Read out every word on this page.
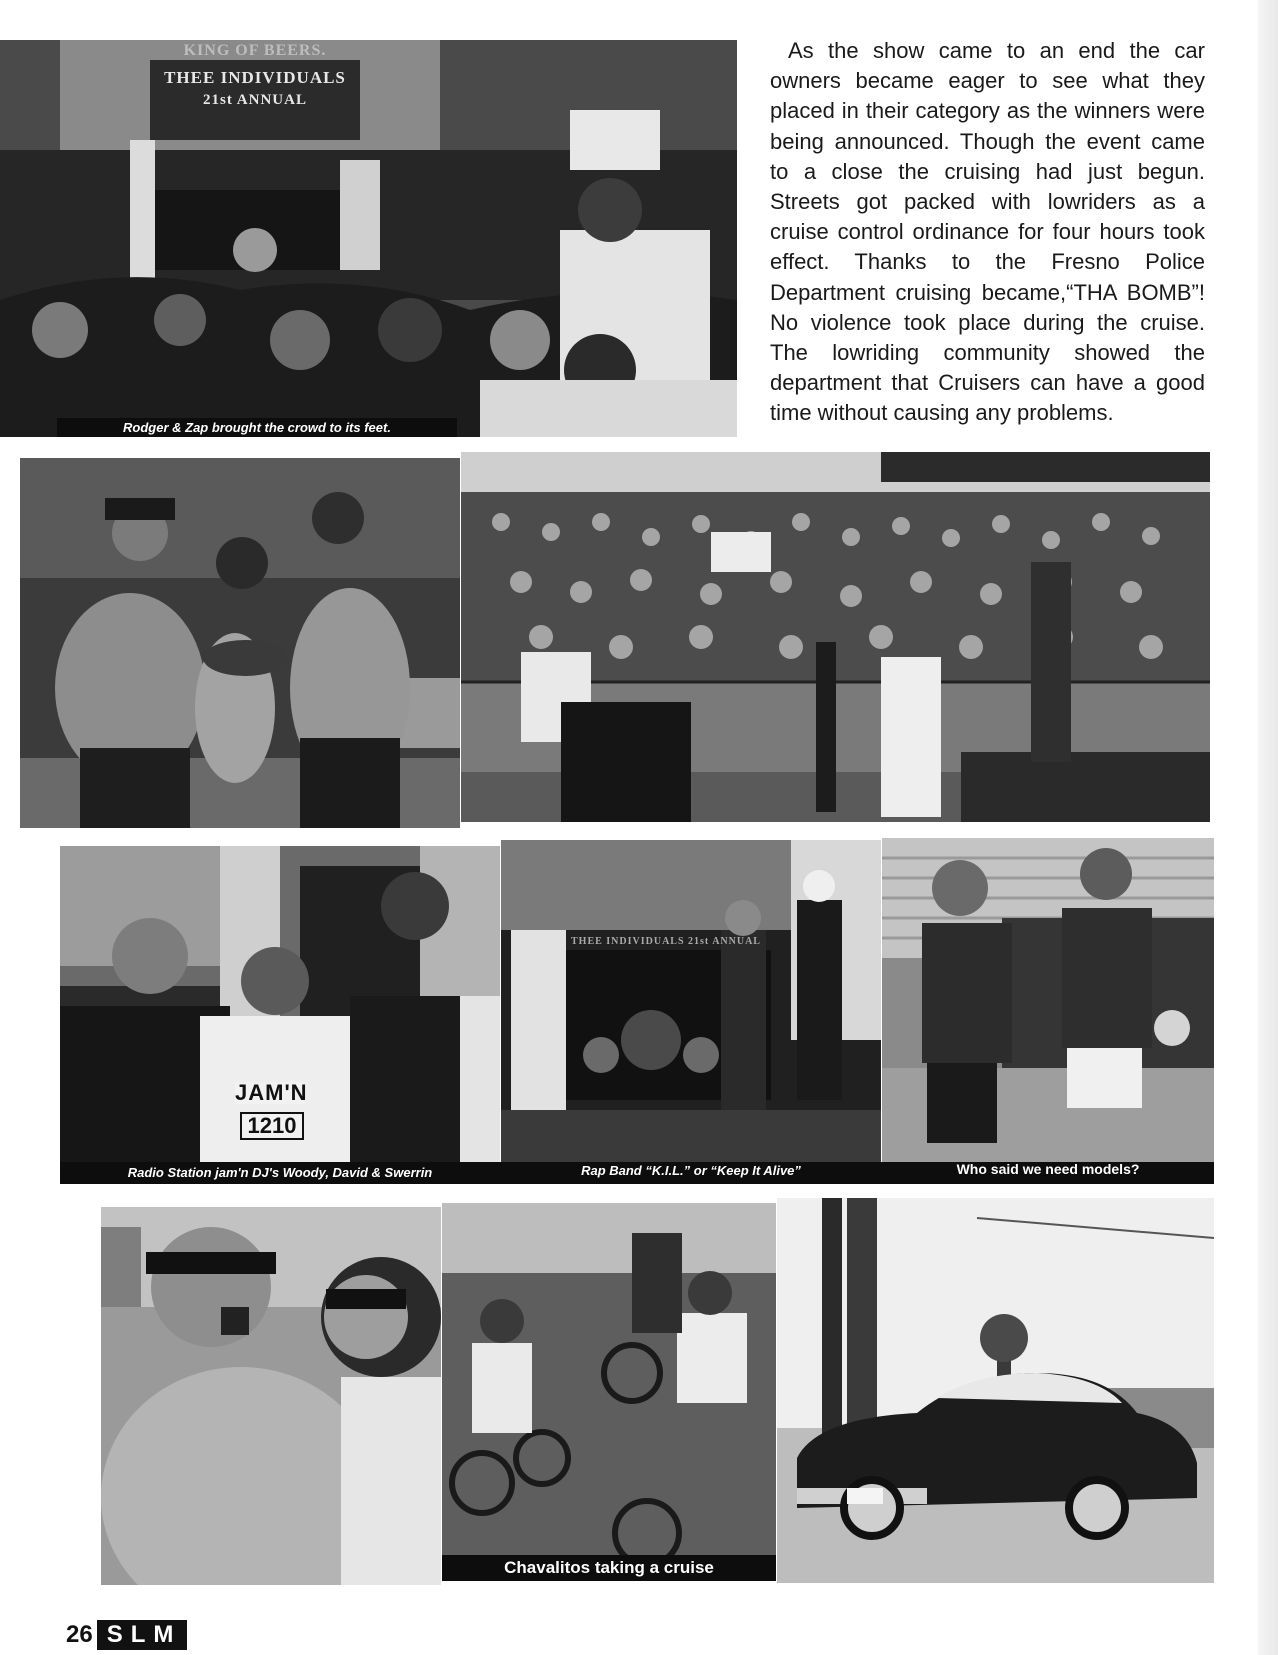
KING OF BEERS.
THEE INDIVIDUALS
21st ANNUAL
Rodger & Zap brought the crowd to its feet.

As the show came to an end the car owners became eager to see what they placed in their category as the winners were being announced. Though the event came to a close the cruising had just begun. Streets got packed with lowriders as a cruise control ordinance for four hours took effect. Thanks to the Fresno Police Department cruising became,“THA BOMB”! No violence took place during the cruise. The lowriding community showed the department that Cruisers can have a good time without causing any problems.

JAM'N
1210
THEE INDIVIDUALS 21st ANNUAL
Radio Station jam'n DJ's Woody, David & Swerrin	Rap Band “K.I.L.” or “Keep It Alive”	Who said we need models?
Chavalitos taking a cruise
26 SLM
